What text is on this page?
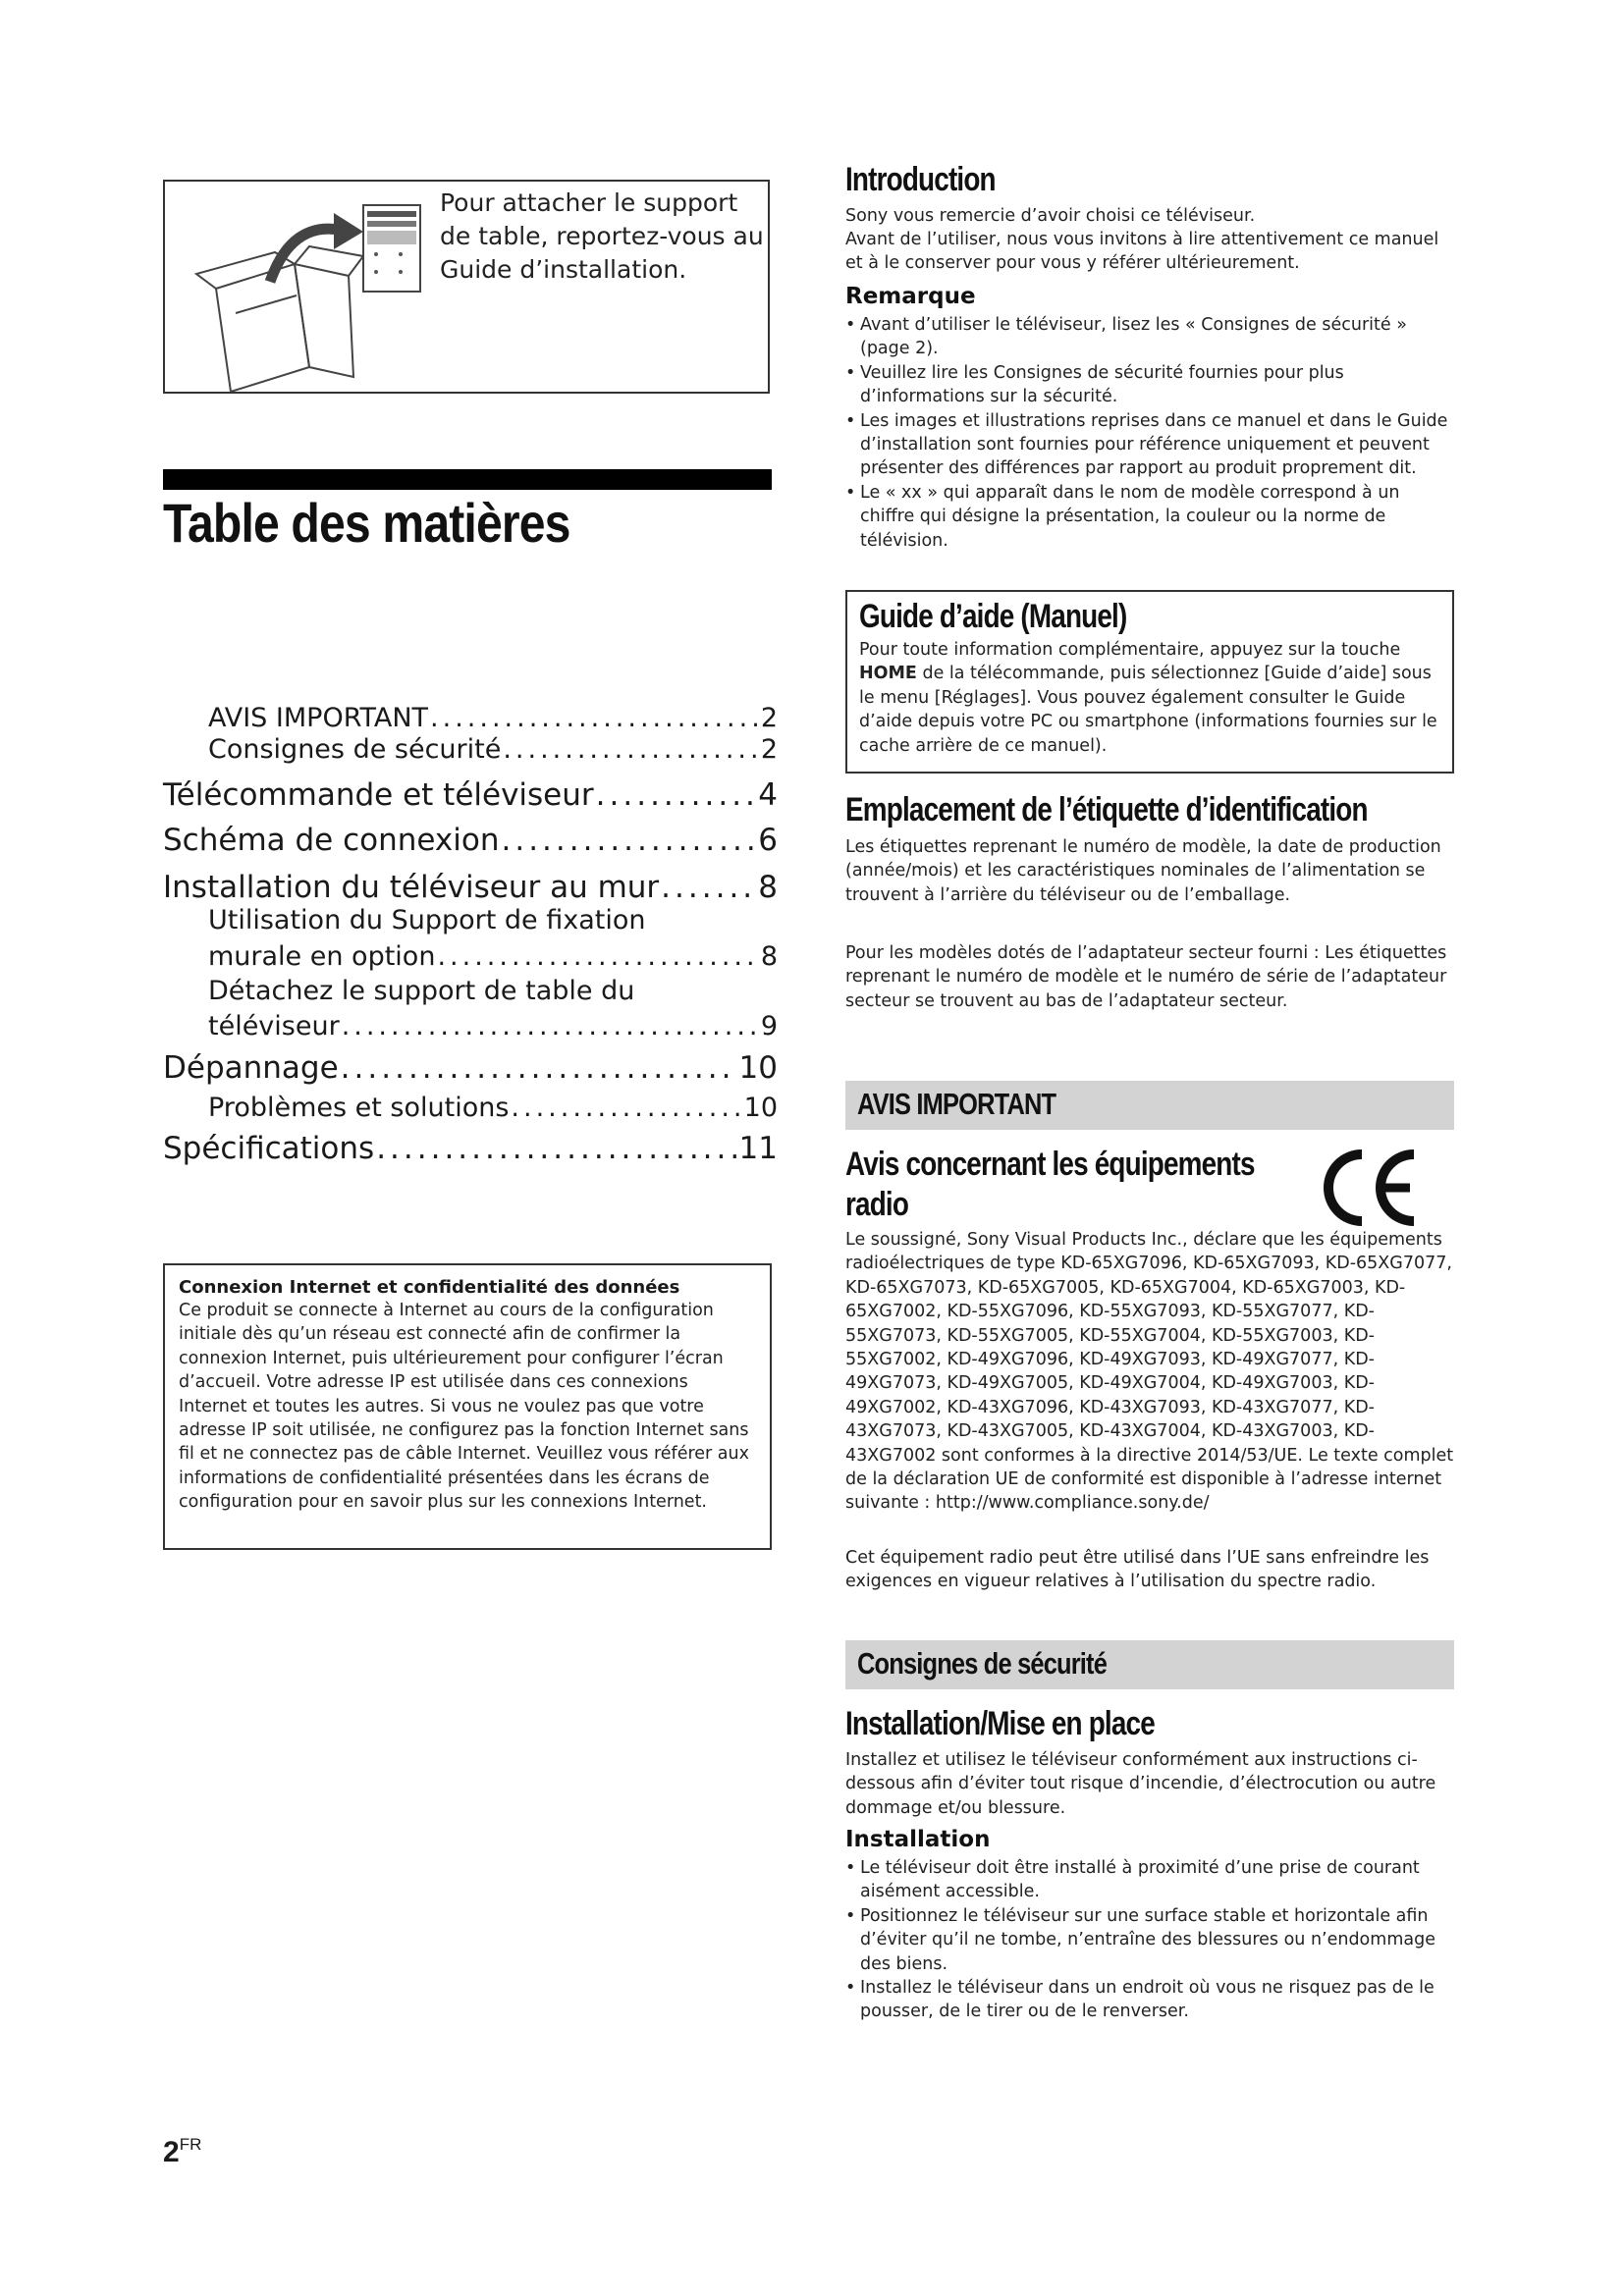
Pour attacher le support de table, reportez-vous au Guide d’installation.
Table des matières
AVIS IMPORTANT .....	2
Consignes de sécurité .....	2
Télécommande et téléviseur .....	4
Schéma de connexion .....	6
Installation du téléviseur au mur .....	8
Utilisation du Support de fixation
murale en option .....	8
Détachez le support de table du
téléviseur .....	9
Dépannage .....	10
Problèmes et solutions .....	10
Spécifications .....	11
Connexion Internet et confidentialité des données
Ce produit se connecte à Internet au cours de la configuration initiale dès qu’un réseau est connecté afin de confirmer la connexion Internet, puis ultérieurement pour configurer l’écran d’accueil. Votre adresse IP est utilisée dans ces connexions Internet et toutes les autres. Si vous ne voulez pas que votre adresse IP soit utilisée, ne configurez pas la fonction Internet sans fil et ne connectez pas de câble Internet. Veuillez vous référer aux informations de confidentialité présentées dans les écrans de configuration pour en savoir plus sur les connexions Internet.
Introduction
Sony vous remercie d’avoir choisi ce téléviseur.
Avant de l’utiliser, nous vous invitons à lire attentivement ce manuel et à le conserver pour vous y référer ultérieurement.
Remarque
• Avant d’utiliser le téléviseur, lisez les « Consignes de sécurité » (page 2).
• Veuillez lire les Consignes de sécurité fournies pour plus d’informations sur la sécurité.
• Les images et illustrations reprises dans ce manuel et dans le Guide d’installation sont fournies pour référence uniquement et peuvent présenter des différences par rapport au produit proprement dit.
• Le « xx » qui apparaît dans le nom de modèle correspond à un chiffre qui désigne la présentation, la couleur ou la norme de télévision.
Guide d’aide (Manuel)
Pour toute information complémentaire, appuyez sur la touche HOME de la télécommande, puis sélectionnez [Guide d’aide] sous le menu [Réglages]. Vous pouvez également consulter le Guide d’aide depuis votre PC ou smartphone (informations fournies sur le cache arrière de ce manuel).
Emplacement de l’étiquette d’identification
Les étiquettes reprenant le numéro de modèle, la date de production (année/mois) et les caractéristiques nominales de l’alimentation se trouvent à l’arrière du téléviseur ou de l’emballage.
Pour les modèles dotés de l’adaptateur secteur fourni : Les étiquettes reprenant le numéro de modèle et le numéro de série de l’adaptateur secteur se trouvent au bas de l’adaptateur secteur.
AVIS IMPORTANT
Avis concernant les équipements
radio
Le soussigné, Sony Visual Products Inc., déclare que les équipements radioélectriques de type KD-65XG7096, KD-65XG7093, KD-65XG7077, KD-65XG7073, KD-65XG7005, KD-65XG7004, KD-65XG7003, KD-65XG7002, KD-55XG7096, KD-55XG7093, KD-55XG7077, KD-55XG7073, KD-55XG7005, KD-55XG7004, KD-55XG7003, KD-55XG7002, KD-49XG7096, KD-49XG7093, KD-49XG7077, KD-49XG7073, KD-49XG7005, KD-49XG7004, KD-49XG7003, KD-49XG7002, KD-43XG7096, KD-43XG7093, KD-43XG7077, KD-43XG7073, KD-43XG7005, KD-43XG7004, KD-43XG7003, KD-43XG7002 sont conformes à la directive 2014/53/UE. Le texte complet de la déclaration UE de conformité est disponible à l’adresse internet suivante : http://www.compliance.sony.de/
Cet équipement radio peut être utilisé dans l’UE sans enfreindre les exigences en vigueur relatives à l’utilisation du spectre radio.
Consignes de sécurité
Installation/Mise en place
Installez et utilisez le téléviseur conformément aux instructions ci-dessous afin d’éviter tout risque d’incendie, d’électrocution ou autre dommage et/ou blessure.
Installation
• Le téléviseur doit être installé à proximité d’une prise de courant aisément accessible.
• Positionnez le téléviseur sur une surface stable et horizontale afin d’éviter qu’il ne tombe, n’entraîne des blessures ou n’endommage des biens.
• Installez le téléviseur dans un endroit où vous ne risquez pas de le pousser, de le tirer ou de le renverser.
$2^{FR}$
